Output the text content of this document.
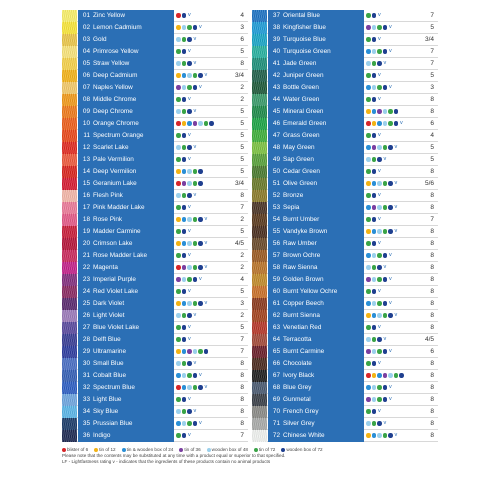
01 Zinc Yellow	v	4
02 Lemon Cadmium	v	3
03 Gold	v	6
04 Primrose Yellow	v	5
05 Straw Yellow	v	8
06 Deep Cadmium	v	3/4
07 Naples Yellow	v	2
08 Middle Chrome	v	2
09 Deep Chrome	v	5
10 Orange Chrome	5
11 Spectrum Orange	v	5
12 Scarlet Lake	v	5
13 Pale Vermilion	v	5
14 Deep Vermilion	5
15 Geranium Lake	3/4
16 Flesh Pink	v	8
17 Pink Madder Lake	v	7
18 Rose Pink	v	2
19 Madder Carmine	v	5
20 Crimson Lake	v	4/5
21 Rose Madder Lake	v	2
22 Magenta	v	2
23 Imperial Purple	v	4
24 Red Violet Lake	v	5
25 Dark Violet	v	3
26 Light Violet	v	2
27 Blue Violet Lake	v	5
28 Delft Blue	v	7
29 Ultramarine	7
30 Small Blue	v	8
31 Cobalt Blue	v	8
32 Spectrum Blue	v	8
33 Light Blue	v	8
34 Sky Blue	v	8
35 Prussian Blue	v	8
36 Indigo	v	7
37 Oriental Blue	v	7
38 Kingfisher Blue	v	5
39 Turquoise Blue	v	3/4
40 Turquoise Green	v	7
41 Jade Green	v	7
42 Juniper Green	v	5
43 Bottle Green	v	3
44 Water Green	v	8
45 Mineral Green	8
46 Emerald Green	v	6
47 Grass Green	v	4
48 May Green	v	5
49 Sap Green	v	5
50 Cedar Green	v	8
51 Olive Green	v	5/6
52 Bronze	v	8
53 Sepia	v	8
54 Burnt Umber	v	7
55 Vandyke Brown	v	8
56 Raw Umber	v	8
57 Brown Ochre	v	8
58 Raw Sienna	v	8
59 Golden Brown	v	8
60 Burnt Yellow Ochre	v	8
61 Copper Beech	v	8
62 Burnt Sienna	v	8
63 Venetian Red	v	8
64 Terracotta	v	4/5
65 Burnt Carmine	v	6
66 Chocolate	v	8
67 Ivory Black	8
68 Blue Grey	v	8
69 Gunmetal	v	8
70 French Grey	v	8
71 Silver Grey	v	8
72 Chinese White	v	8
blister of 6 tin of 12 tin & wooden box of 24 tin of 36 wooden box of 48 tin of 72 wooden box of 72
Please note that the contents may be substituted at any time with a product equal or superior to that specified.
LF - Lightfastness rating v - indicates that the ingredients of these products contain no animal products
